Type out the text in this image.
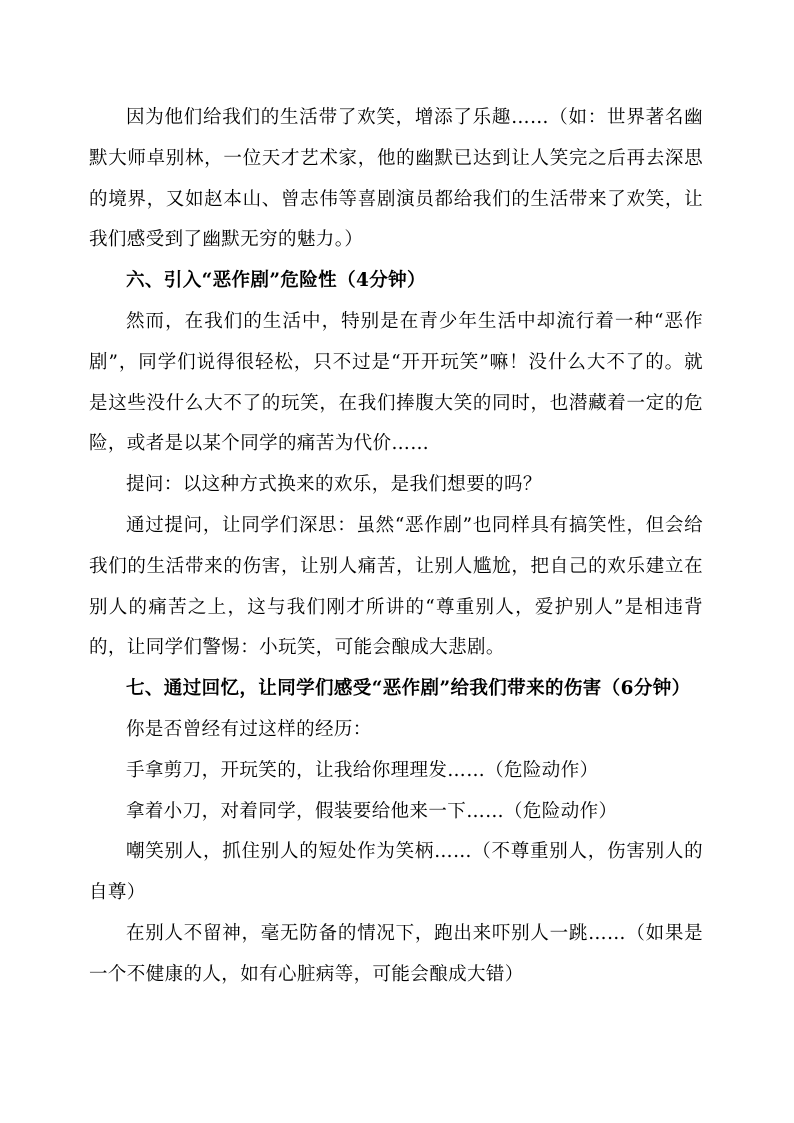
因为他们给我们的生活带了欢笑，增添了乐趣……（如：世界著名幽默大师卓别林，一位天才艺术家，他的幽默已达到让人笑完之后再去深思的境界，又如赵本山、曾志伟等喜剧演员都给我们的生活带来了欢笑，让我们感受到了幽默无穷的魅力。）

六、引入“恶作剧”危险性（4分钟）

然而，在我们的生活中，特别是在青少年生活中却流行着一种“恶作剧”，同学们说得很轻松，只不过是“开开玩笑”嘛！没什么大不了的。就是这些没什么大不了的玩笑，在我们捧腹大笑的同时，也潜藏着一定的危险，或者是以某个同学的痛苦为代价……

提问：以这种方式换来的欢乐，是我们想要的吗？

通过提问，让同学们深思：虽然“恶作剧”也同样具有搞笑性，但会给我们的生活带来的伤害，让别人痛苦，让别人尴尬，把自己的欢乐建立在别人的痛苦之上，这与我们刚才所讲的“尊重别人，爱护别人”是相违背的，让同学们警惕：小玩笑，可能会酿成大悲剧。

七、通过回忆，让同学们感受“恶作剧”给我们带来的伤害（6分钟）

你是否曾经有过这样的经历：

手拿剪刀，开玩笑的，让我给你理理发……（危险动作）

拿着小刀，对着同学，假装要给他来一下……（危险动作）

嘲笑别人，抓住别人的短处作为笑柄……（不尊重别人，伤害别人的自尊）

在别人不留神，毫无防备的情况下，跑出来吓别人一跳……（如果是一个不健康的人，如有心脏病等，可能会酿成大错）
